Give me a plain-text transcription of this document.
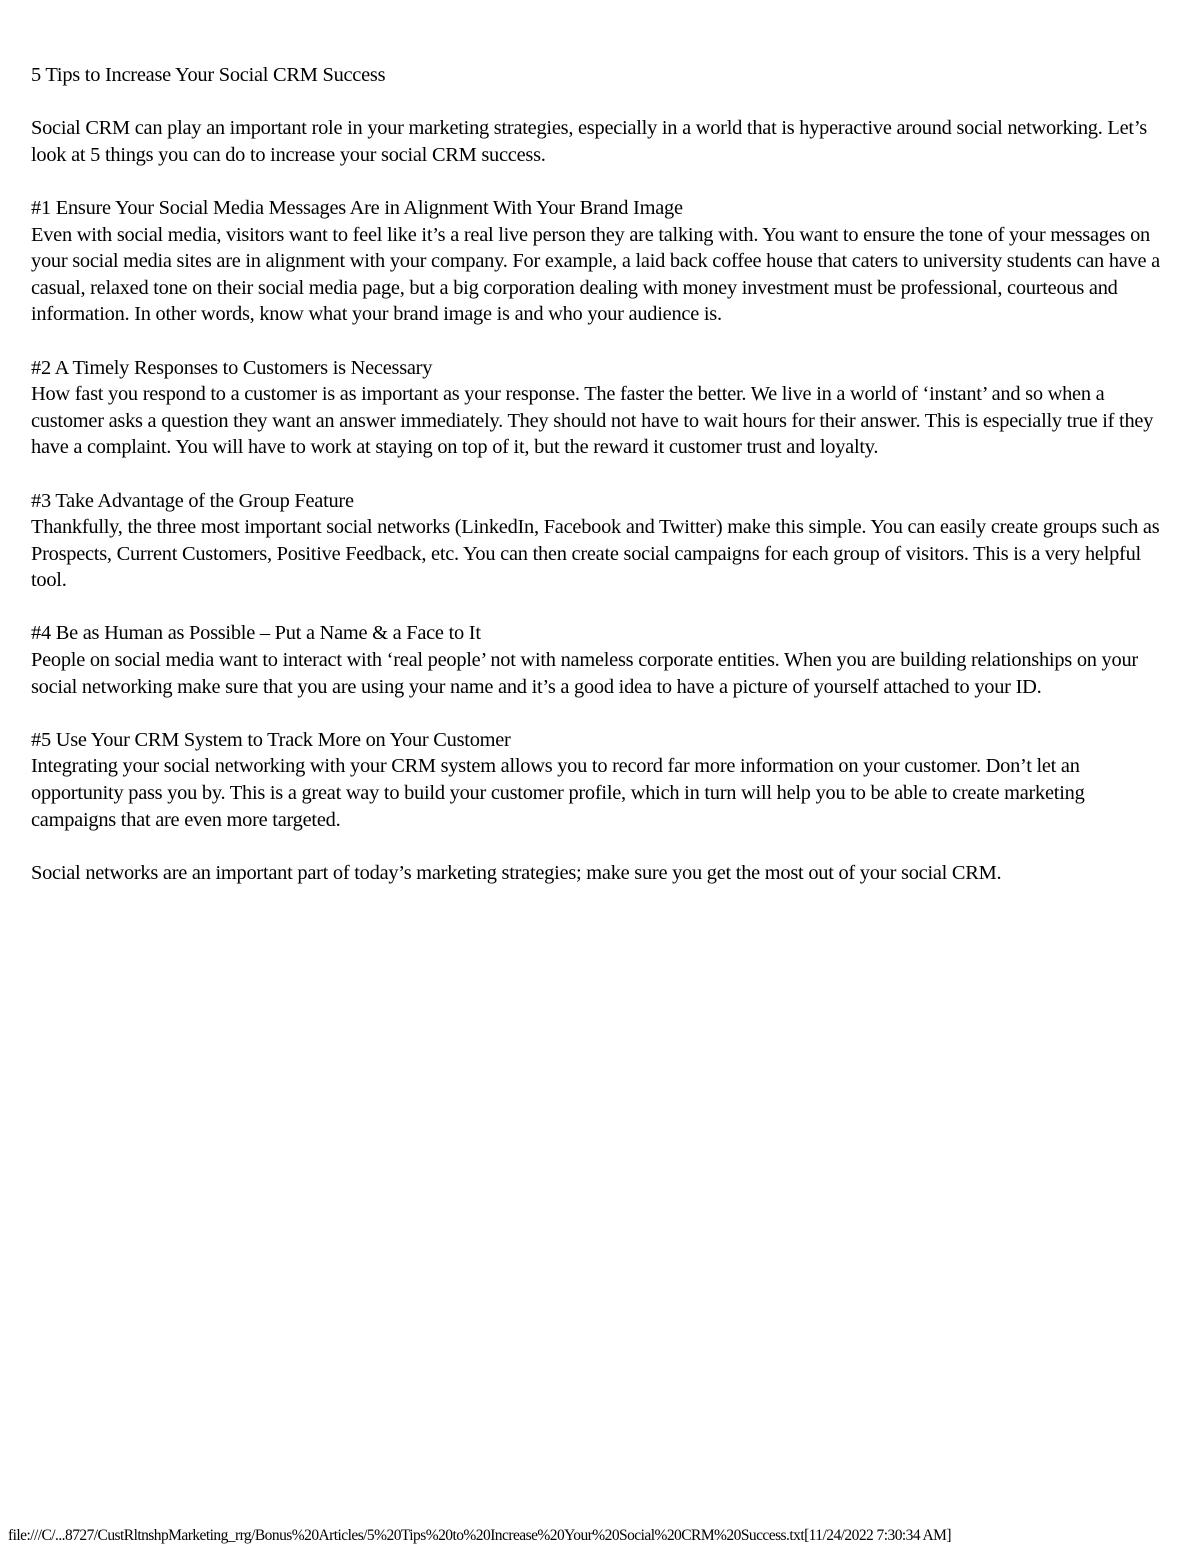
5 Tips to Increase Your Social CRM Success

Social CRM can play an important role in your marketing strategies, especially in a world that is hyperactive around social networking. Let’s look at 5 things you can do to increase your social CRM success.

#1 Ensure Your Social Media Messages Are in Alignment With Your Brand Image

Even with social media, visitors want to feel like it’s a real live person they are talking with. You want to ensure the tone of your messages on your social media sites are in alignment with your company. For example, a laid back coffee house that caters to university students can have a casual, relaxed tone on their social media page, but a big corporation dealing with money investment must be professional, courteous and information. In other words, know what your brand image is and who your audience is.

#2 A Timely Responses to Customers is Necessary

How fast you respond to a customer is as important as your response. The faster the better. We live in a world of ‘instant’ and so when a customer asks a question they want an answer immediately. They should not have to wait hours for their answer. This is especially true if they have a complaint. You will have to work at staying on top of it, but the reward it customer trust and loyalty.

#3 Take Advantage of the Group Feature

Thankfully, the three most important social networks (LinkedIn, Facebook and Twitter) make this simple. You can easily create groups such as Prospects, Current Customers, Positive Feedback, etc. You can then create social campaigns for each group of visitors. This is a very helpful tool.

#4 Be as Human as Possible – Put a Name & a Face to It

People on social media want to interact with ‘real people’ not with nameless corporate entities. When you are building relationships on your social networking make sure that you are using your name and it’s a good idea to have a picture of yourself attached to your ID.

#5 Use Your CRM System to Track More on Your Customer

Integrating your social networking with your CRM system allows you to record far more information on your customer. Don’t let an opportunity pass you by. This is a great way to build your customer profile, which in turn will help you to be able to create marketing campaigns that are even more targeted.

Social networks are an important part of today’s marketing strategies; make sure you get the most out of your social CRM.

file:///C/...8727/CustRltnshpMarketing_rrg/Bonus%20Articles/5%20Tips%20to%20Increase%20Your%20Social%20CRM%20Success.txt[11/24/2022 7:30:34 AM]
